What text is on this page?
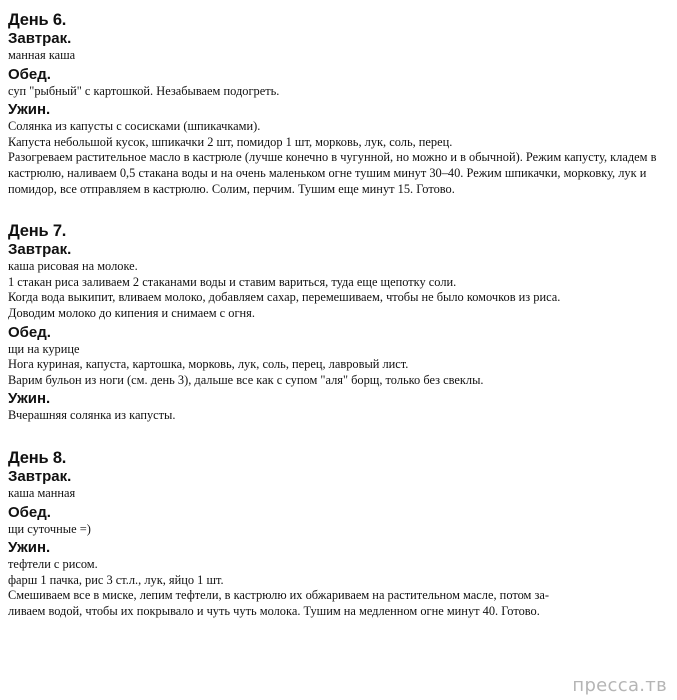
День 6.
Завтрак.
манная каша
Обед.
суп "рыбный" с картошкой. Незабываем подогреть.
Ужин.
Солянка из капусты с сосисками (шпикачками).
Капуста небольшой кусок, шпикачки 2 шт, помидор 1 шт, морковь, лук, соль, перец.
Разогреваем растительное масло в кастрюле (лучше конечно в чугунной, но можно и в обычной). Режим капусту, кладем в кастрюлю, наливаем 0,5 стакана воды и на очень маленьком огне тушим минут 30–40. Режим шпикачки, морковку, лук и помидор, все отправляем в кастрюлю. Солим, перчим. Тушим еще минут 15. Готово.
День 7.
Завтрак.
каша рисовая на молоке.
1 стакан риса заливаем 2 стаканами воды и ставим вариться, туда еще щепотку соли.
Когда вода выкипит, вливаем молоко, добавляем сахар, перемешиваем, чтобы не было комочков из риса.
Доводим молоко до кипения и снимаем с огня.
Обед.
щи на курице
Нога куриная, капуста, картошка, морковь, лук, соль, перец, лавровый лист.
Варим бульон из ноги (см. день 3), дальше все как с супом "аля" борщ, только без свеклы.
Ужин.
Вчерашняя солянка из капусты.
День 8.
Завтрак.
каша манная
Обед.
щи суточные =)
Ужин.
тефтели с рисом.
фарш 1 пачка, рис 3 ст.л., лук, яйцо 1 шт.
Смешиваем все в миске, лепим тефтели, в кастрюлю их обжариваем на растительном масле, потом за-
ливаем водой, чтобы их покрывало и чуть чуть молока. Тушим на медленном огне минут 40. Готово.
пресса.тв
